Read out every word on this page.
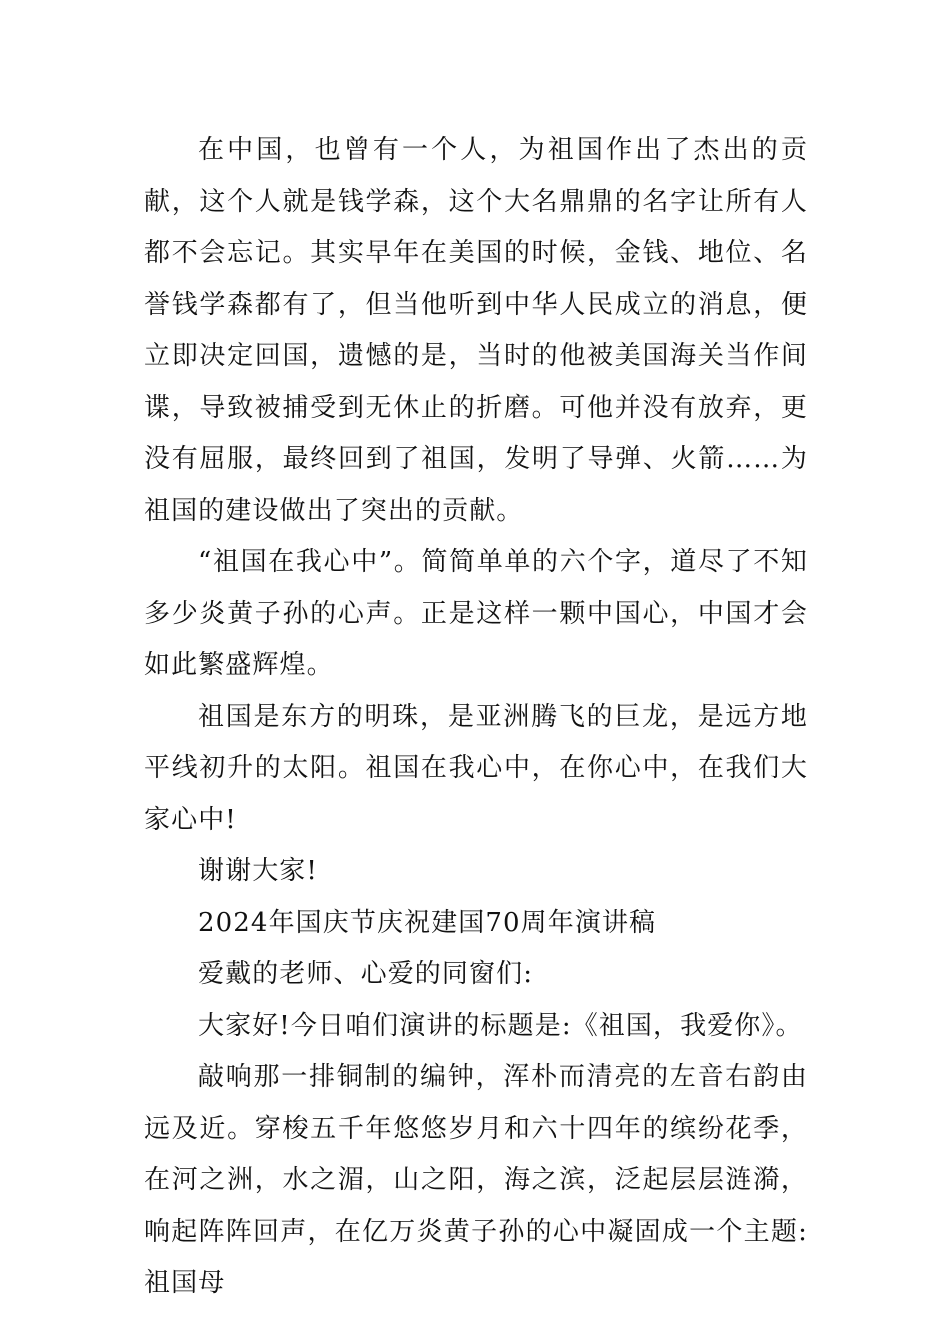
在中国，也曾有一个人，为祖国作出了杰出的贡献，这个人就是钱学森，这个大名鼎鼎的名字让所有人都不会忘记。其实早年在美国的时候，金钱、地位、名誉钱学森都有了，但当他听到中华人民成立的消息，便立即决定回国，遗憾的是，当时的他被美国海关当作间谍，导致被捕受到无休止的折磨。可他并没有放弃，更没有屈服，最终回到了祖国，发明了导弹、火箭……为祖国的建设做出了突出的贡献。

“祖国在我心中”。简简单单的六个字，道尽了不知多少炎黄子孙的心声。正是这样一颗中国心，中国才会如此繁盛辉煌。

祖国是东方的明珠，是亚洲腾飞的巨龙，是远方地平线初升的太阳。祖国在我心中，在你心中，在我们大家心中!

谢谢大家!

2024年国庆节庆祝建国70周年演讲稿

爱戴的老师、心爱的同窗们:

大家好!今日咱们演讲的标题是:《祖国，我爱你》。

敲响那一排铜制的编钟，浑朴而清亮的左音右韵由远及近。穿梭五千年悠悠岁月和六十四年的缤纷花季，在河之洲，水之湄，山之阳，海之滨，泛起层层涟漪，响起阵阵回声，在亿万炎黄子孙的心中凝固成一个主题:祖国母
